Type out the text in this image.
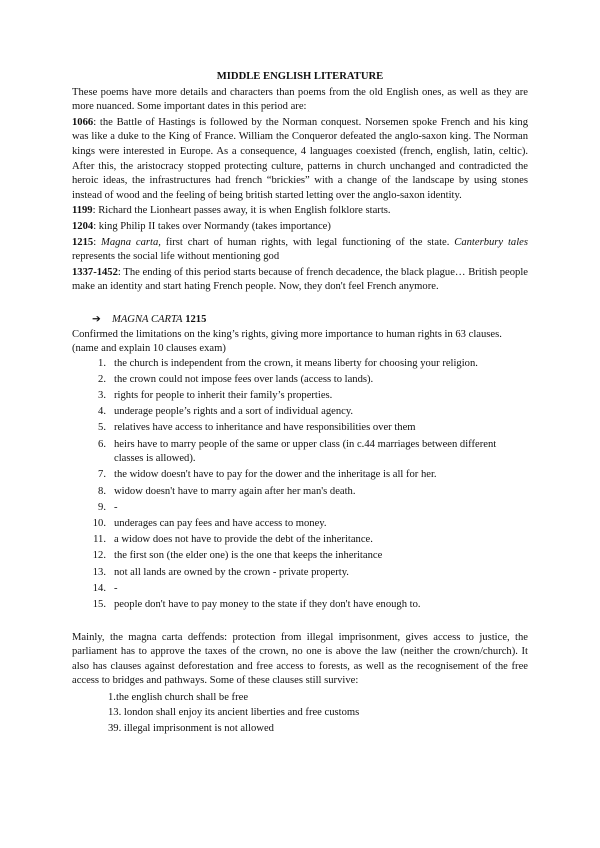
MIDDLE ENGLISH LITERATURE

These poems have more details and characters than poems from the old English ones, as well as they are more nuanced. Some important dates in this period are:

1066: the Battle of Hastings is followed by the Norman conquest. Norsemen spoke French and his king was like a duke to the King of France. William the Conqueror defeated the anglo-saxon king. The Norman kings were interested in Europe. As a consequence, 4 languages coexisted (french, english, latin, celtic). After this, the aristocracy stopped protecting culture, patterns in church unchanged and contradicted the heroic ideas, the infrastructures had french “brickies” with a change of the landscape by using stones instead of wood and the feeling of being british started letting over the anglo-saxon identity.

1199: Richard the Lionheart passes away, it is when English folklore starts.

1204: king Philip II takes over Normandy (takes importance)

1215: Magna carta, first chart of human rights, with legal functioning of the state. Canterbury tales represents the social life without mentioning god

1337-1452: The ending of this period starts because of french decadence, the black plague… British people make an identity and start hating French people. Now, they don't feel French anymore.

➔ MAGNA CARTA 1215

Confirmed the limitations on the king’s rights, giving more importance to human rights in 63 clauses. (name and explain 10 clauses exam)

1. the church is independent from the crown, it means liberty for choosing your religion.
2. the crown could not impose fees over lands (access to lands).
3. rights for people to inherit their family’s properties.
4. underage people’s rights and a sort of individual agency.
5. relatives have access to inheritance and have responsibilities over them
6. heirs have to marry people of the same or upper class (in c.44 marriages between different classes is allowed).
7. the widow doesn't have to pay for the dower and the inheritage is all for her.
8. widow doesn't have to marry again after her man's death.
9. -
10. underages can pay fees and have access to money.
11. a widow does not have to provide the debt of the inheritance.
12. the first son (the elder one) is the one that keeps the inheritance
13. not all lands are owned by the crown - private property.
14. -
15. people don't have to pay money to the state if they don't have enough to.

Mainly, the magna carta deffends: protection from illegal imprisonment, gives access to justice, the parliament has to approve the taxes of the crown, no one is above the law (neither the crown/church). It also has clauses against deforestation and free access to forests, as well as the recognisement of the free access to bridges and pathways. Some of these clauses still survive:

1.the english church shall be free

13. london shall enjoy its ancient liberties and free customs

39. illegal imprisonment is not allowed
